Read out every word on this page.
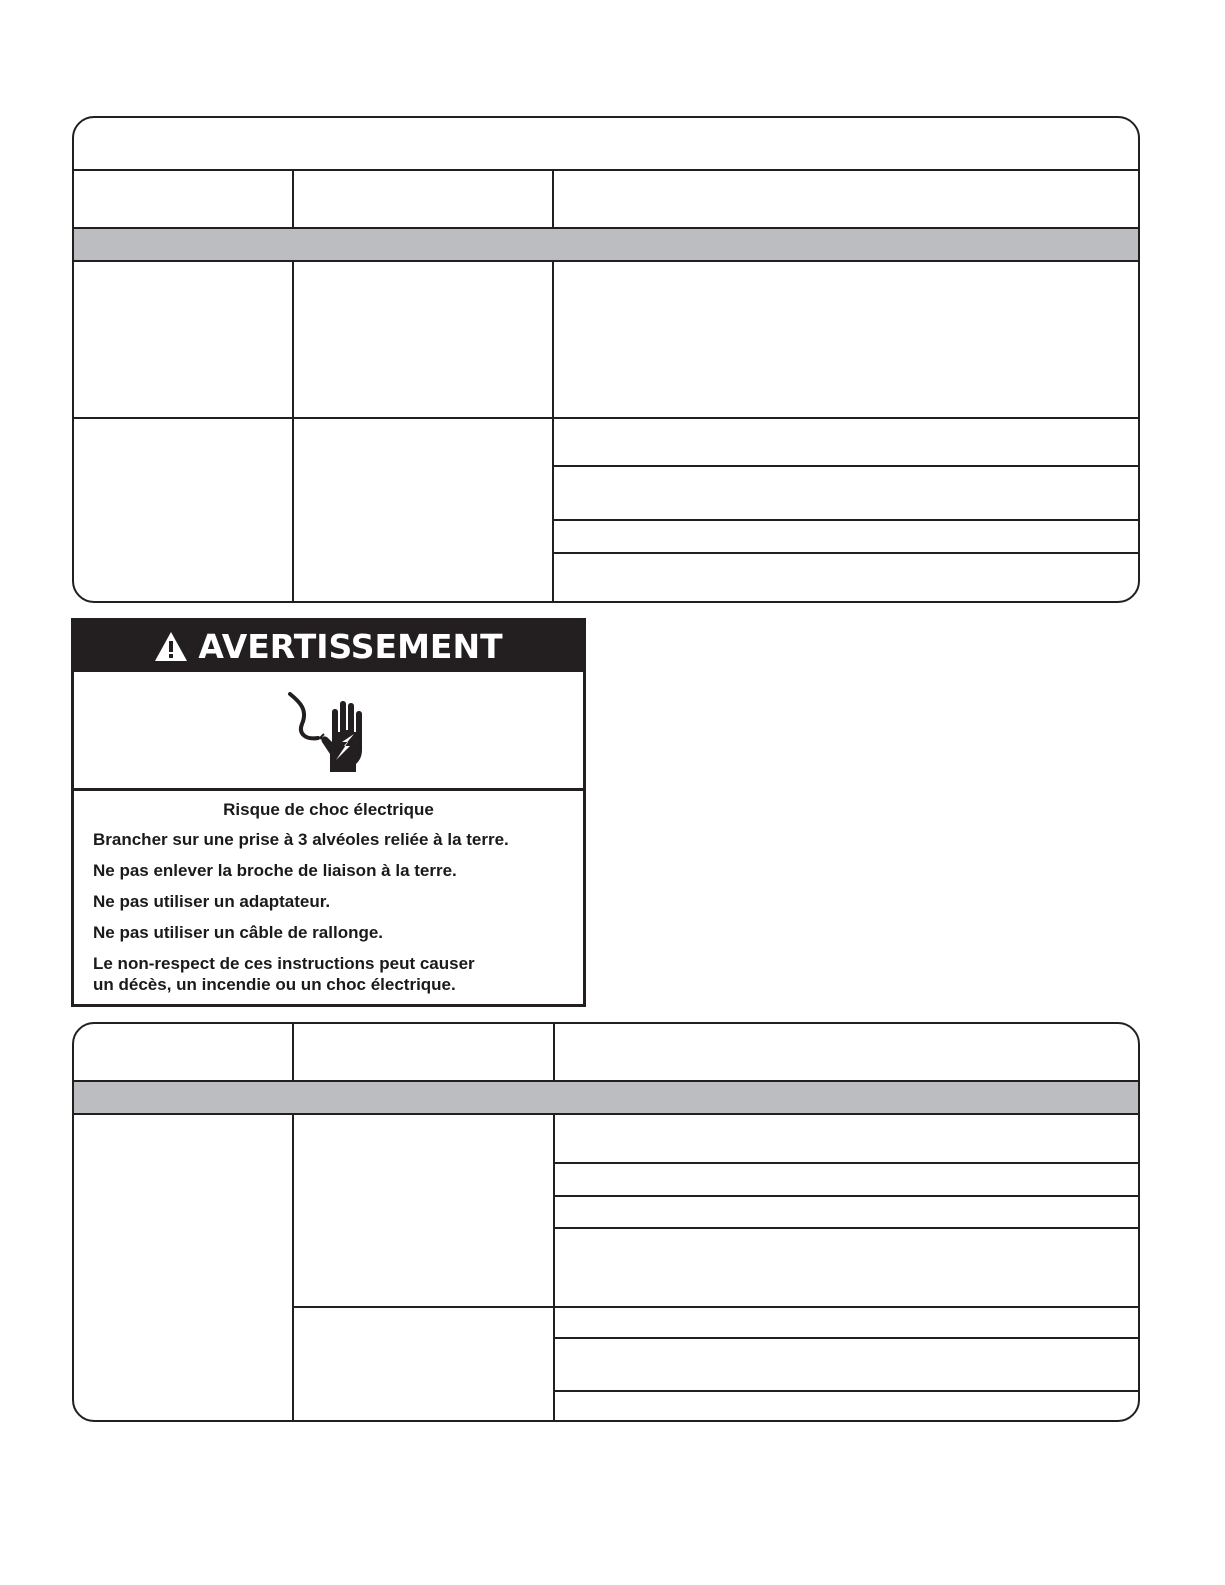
AVERTISSEMENT

Risque de choc électrique

Brancher sur une prise à 3 alvéoles reliée à la terre.

Ne pas enlever la broche de liaison à la terre.

Ne pas utiliser un adaptateur.

Ne pas utiliser un câble de rallonge.

Le non-respect de ces instructions peut causer
un décès, un incendie ou un choc électrique.
